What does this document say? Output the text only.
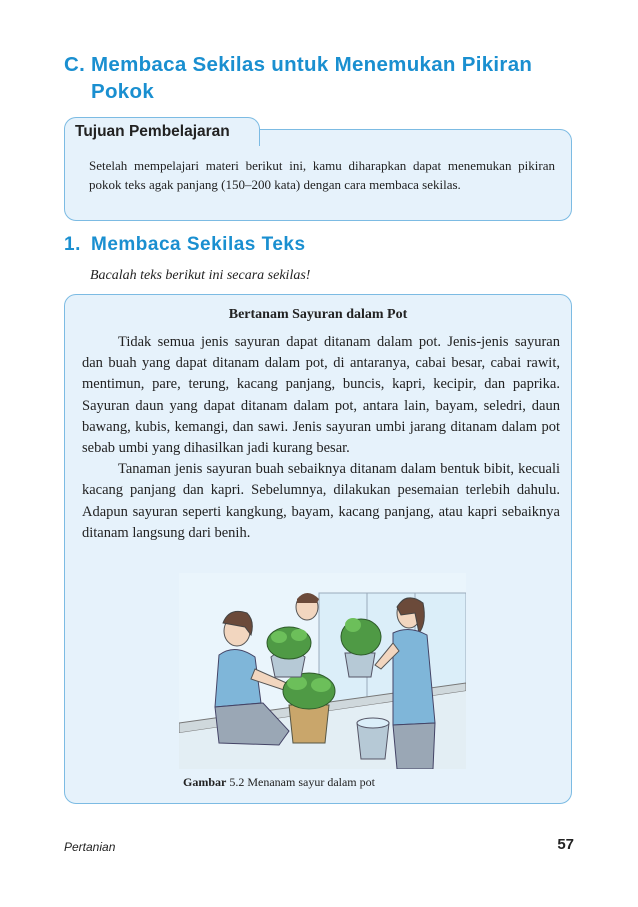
C. Membaca Sekilas untuk Menemukan Pikiran
Pokok
Tujuan Pembelajaran
Setelah mempelajari materi berikut ini, kamu diharapkan dapat menemukan pikiran pokok teks agak panjang (150–200 kata) dengan cara membaca sekilas.
1. Membaca Sekilas Teks
Bacalah teks berikut ini secara sekilas!
Bertanam Sayuran dalam Pot

Tidak semua jenis sayuran dapat ditanam dalam pot. Jenis-jenis sayuran dan buah yang dapat ditanam dalam pot, di antaranya, cabai besar, cabai rawit, mentimun, pare, terung, kacang panjang, buncis, kapri, kecipir, dan paprika. Sayuran daun yang dapat ditanam dalam pot, antara lain, bayam, seledri, daun bawang, kubis, kemangi, dan sawi. Jenis sayuran umbi jarang ditanam dalam pot sebab umbi yang dihasilkan jadi kurang besar.

Tanaman jenis sayuran buah sebaiknya ditanam dalam bentuk bibit, kecuali kacang panjang dan kapri. Sebelumnya, dilakukan pesemaian terlebih dahulu. Adapun sayuran seperti kangkung, bayam, kacang panjang, atau kapri sebaiknya ditanam langsung dari benih.

Gambar 5.2 Menanam sayur dalam pot
Pertanian	57
